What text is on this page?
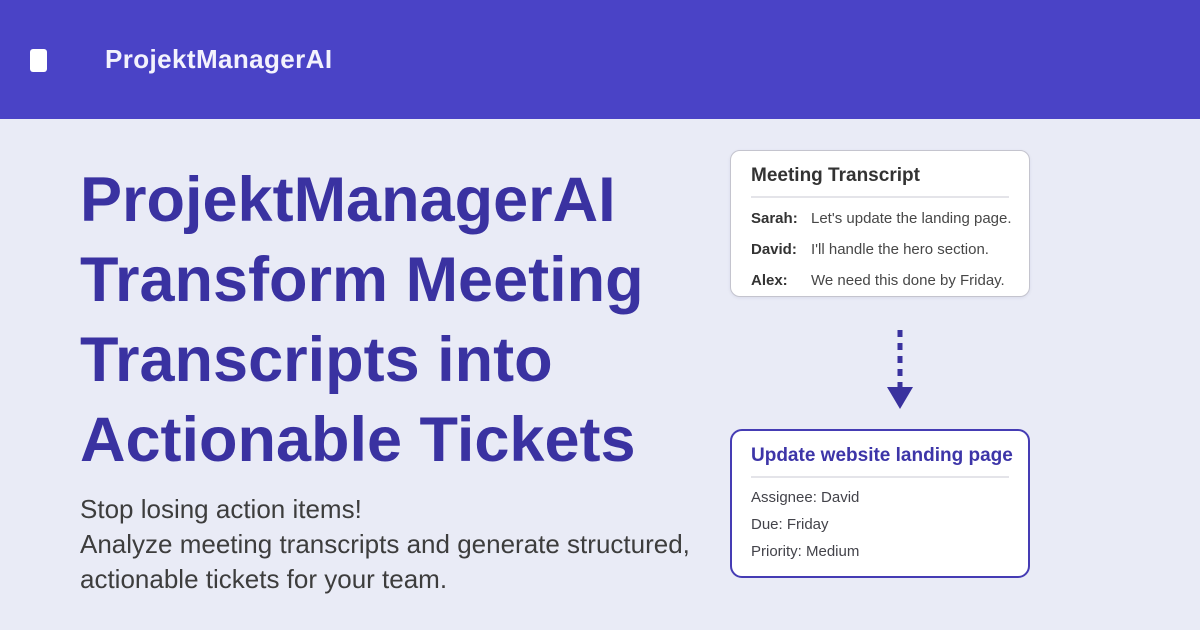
ProjektManagerAI
ProjektManagerAI
Transform Meeting
Transcripts into
Actionable Tickets
Stop losing action items!
Analyze meeting transcripts and generate structured,
actionable tickets for your team.
Meeting Transcript
Sarah: Let's update the landing page.
David: I'll handle the hero section.
Alex:	We need this done by Friday.
Update website landing page
Assignee: David
Due: Friday
Priority: Medium
